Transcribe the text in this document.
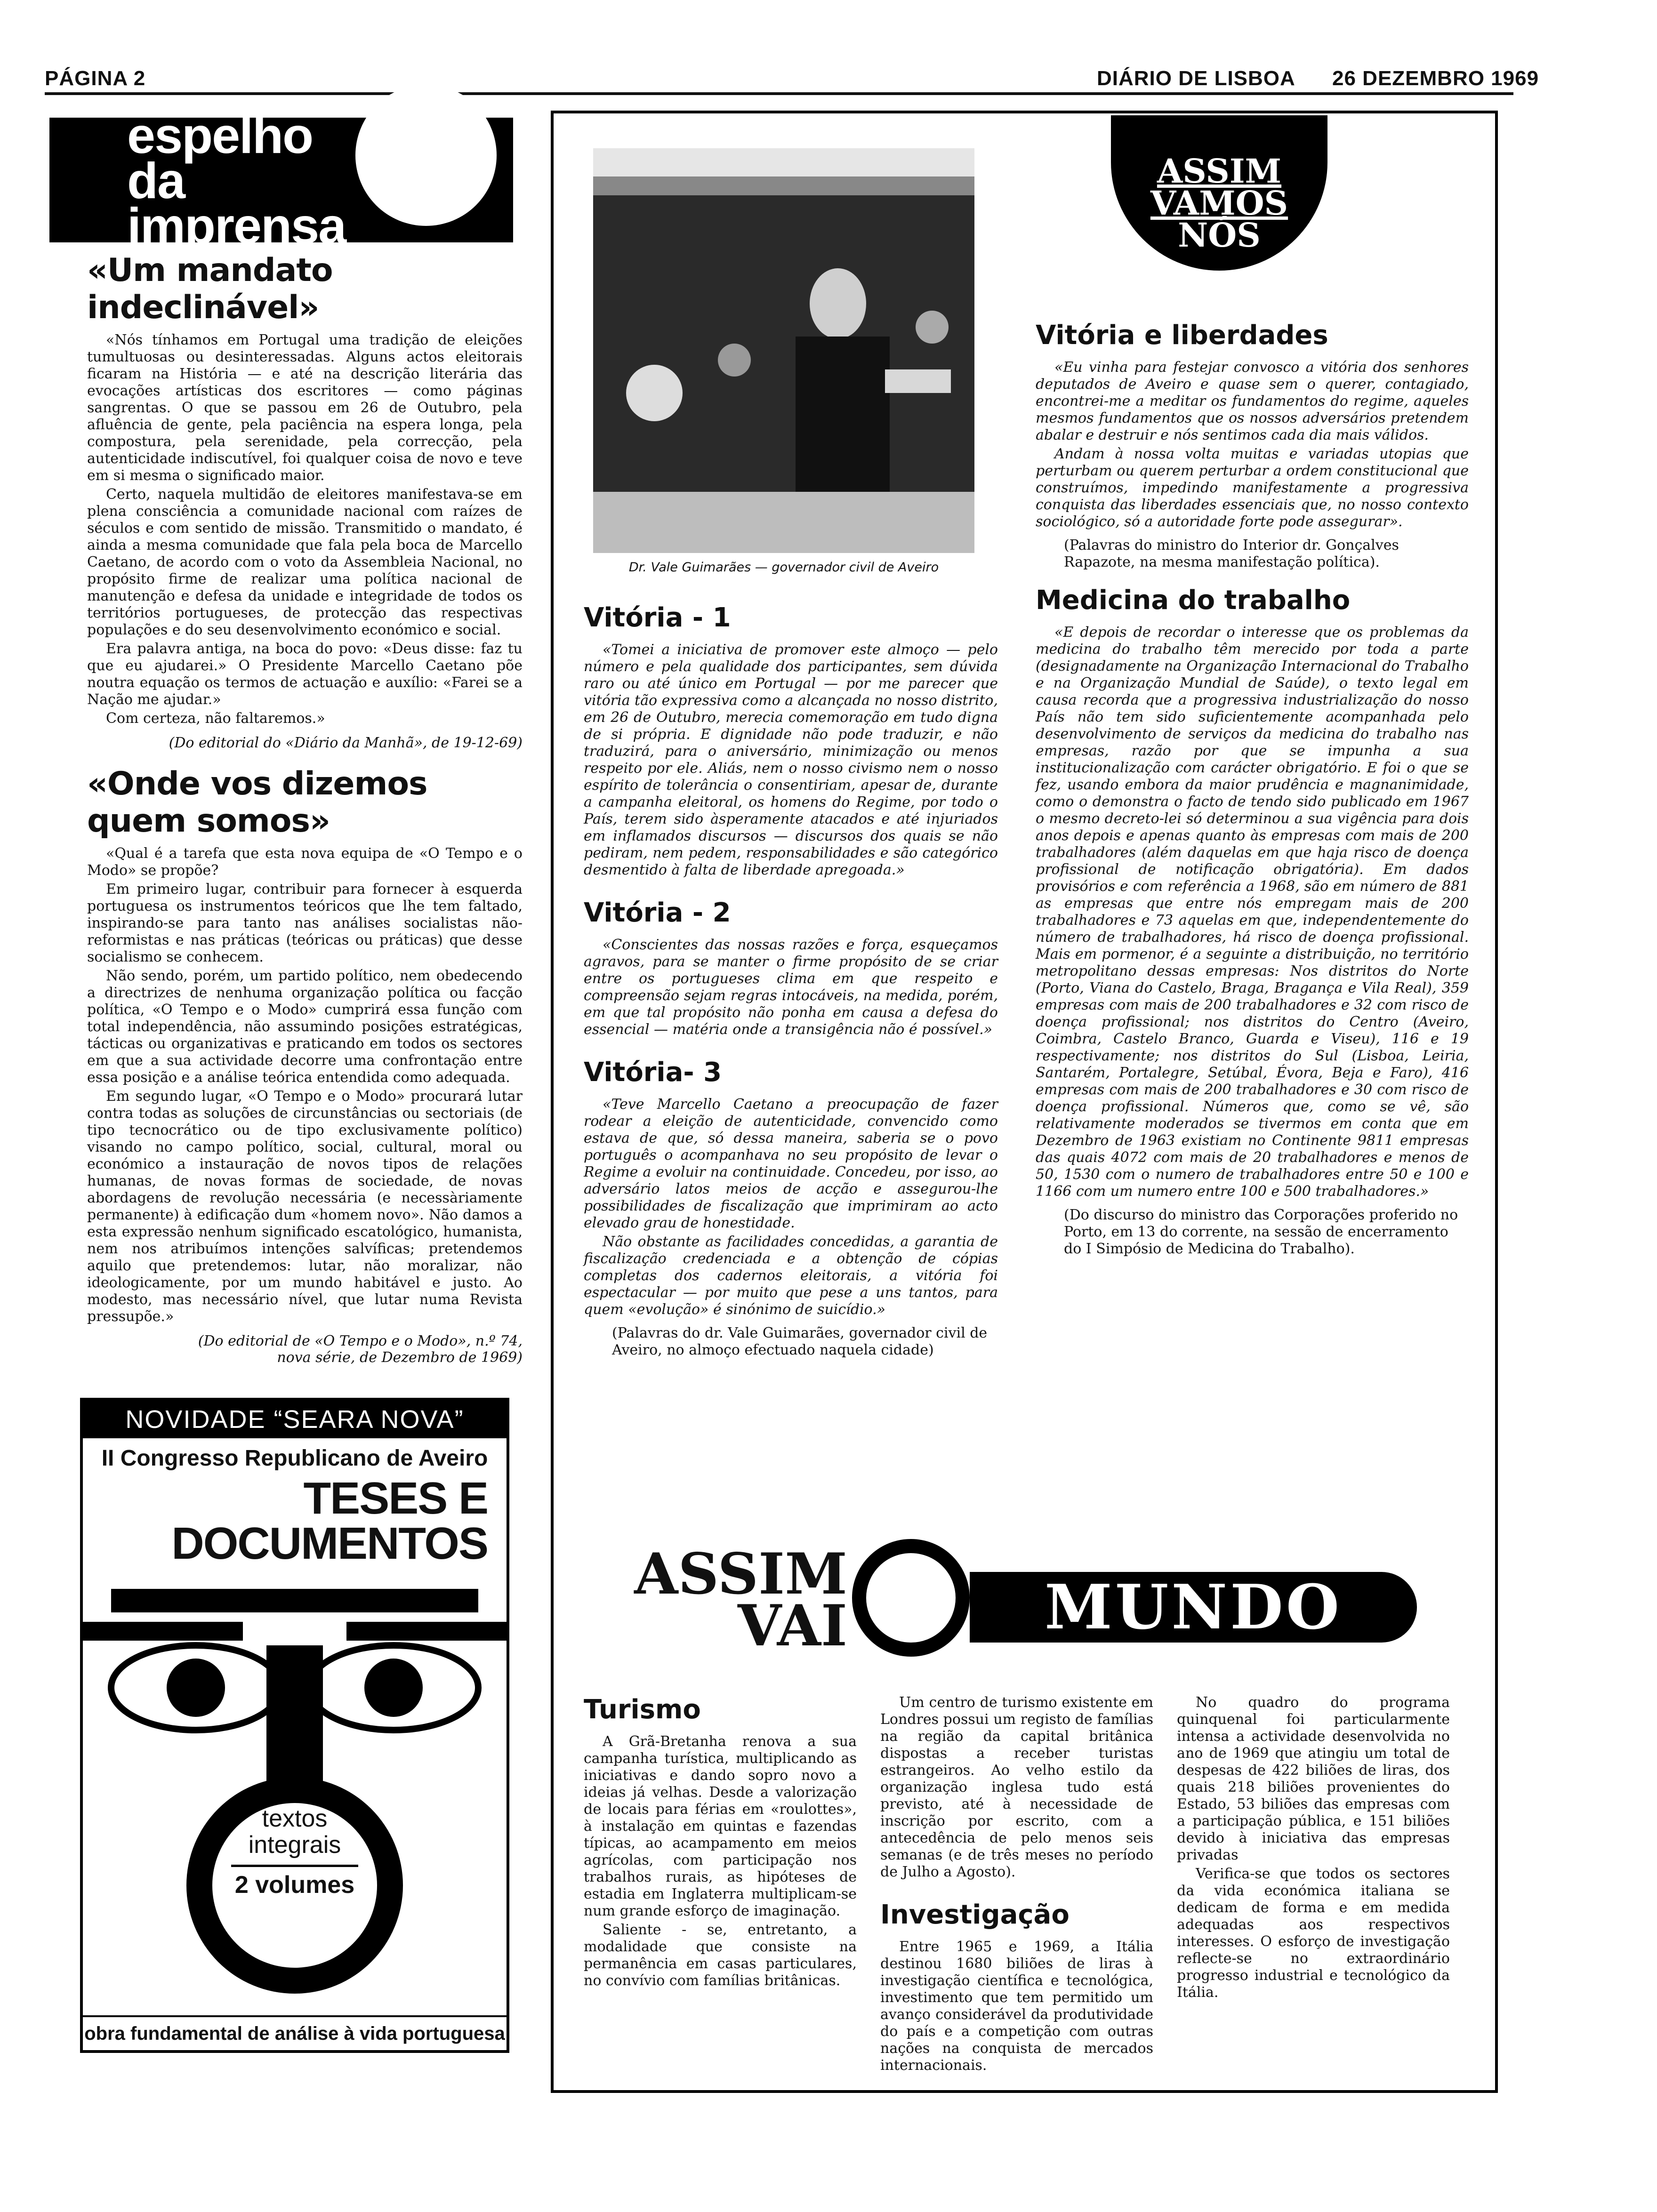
PÁGINA 2	DIÁRIO DE LISBOA 26 DEZEMBRO 1969
espelho
da
imprensa
«Um mandato indeclinável»

«Nós tínhamos em Portugal uma tradição de eleições tumultuosas ou desinteressadas. Alguns actos eleitorais ficaram na História — e até na descrição literária das evocações artísticas dos escritores — como páginas sangrentas. O que se passou em 26 de Outubro, pela afluência de gente, pela paciência na espera longa, pela compostura, pela serenidade, pela correcção, pela autenticidade indiscutível, foi qualquer coisa de novo e teve em si mesma o significado maior.

Certo, naquela multidão de eleitores manifestava-se em plena consciência a comunidade nacional com raízes de séculos e com sentido de missão. Transmitido o mandato, é ainda a mesma comunidade que fala pela boca de Marcello Caetano, de acordo com o voto da Assembleia Nacional, no propósito firme de realizar uma política nacional de manutenção e defesa da unidade e integridade de todos os territórios portugueses, de protecção das respectivas populações e do seu desenvolvimento económico e social.

Era palavra antiga, na boca do povo: «Deus disse: faz tu que eu ajudarei.» O Presidente Marcello Caetano põe noutra equação os termos de actuação e auxílio: «Farei se a Nação me ajudar.»

Com certeza, não faltaremos.»

(Do editorial do «Diário da Manhã», de 19-12-69)
«Onde vos dizemos quem somos»

«Qual é a tarefa que esta nova equipa de «O Tempo e o Modo» se propõe?

Em primeiro lugar, contribuir para fornecer à esquerda portuguesa os instrumentos teóricos que lhe tem faltado, inspirando-se para tanto nas análises socialistas não-reformistas e nas práticas (teóricas ou práticas) que desse socialismo se conhecem.

Não sendo, porém, um partido político, nem obedecendo a directrizes de nenhuma organização política ou facção política, «O Tempo e o Modo» cumprirá essa função com total independência, não assumindo posições estratégicas, tácticas ou organizativas e praticando em todos os sectores em que a sua actividade decorre uma confrontação entre essa posição e a análise teórica entendida como adequada.

Em segundo lugar, «O Tempo e o Modo» procurará lutar contra todas as soluções de circunstâncias ou sectoriais (de tipo tecnocrático ou de tipo exclusivamente político) visando no campo político, social, cultural, moral ou económico a instauração de novos tipos de relações humanas, de novas formas de sociedade, de novas abordagens de revolução necessária (e necessàriamente permanente) à edificação dum «homem novo». Não damos a esta expressão nenhum significado escatológico, humanista, nem nos atribuímos intenções salvíficas; pretendemos aquilo que pretendemos: lutar, não moralizar, não ideologicamente, por um mundo habitável e justo. Ao modesto, mas necessário nível, que lutar numa Revista pressupõe.»

(Do editorial de «O Tempo e o Modo», n.º 74,
nova série, de Dezembro de 1969)
NOVIDADE “SEARA NOVA”
II Congresso Republicano de Aveiro
TESES E
DOCUMENTOS
textos
integrais
2 volumes
obra fundamental de análise à vida portuguesa
Dr. Vale Guimarães — governador civil de Aveiro
ASSIM
VAMOS
NÓS
Vitória - 1

«Tomei a iniciativa de promover este almoço — pelo número e pela qualidade dos participantes, sem dúvida raro ou até único em Portugal — por me parecer que vitória tão expressiva como a alcançada no nosso distrito, em 26 de Outubro, merecia comemoração em tudo digna de si própria. E dignidade não pode traduzir, e não traduzirá, para o aniversário, minimização ou menos respeito por ele. Aliás, nem o nosso civismo nem o nosso espírito de tolerância o consentiriam, apesar de, durante a campanha eleitoral, os homens do Regime, por todo o País, terem sido àsperamente atacados e até injuriados em inflamados discursos — discursos dos quais se não pediram, nem pedem, responsabilidades e são categórico desmentido à falta de liberdade apregoada.»

Vitória - 2

«Conscientes das nossas razões e força, esqueçamos agravos, para se manter o firme propósito de se criar entre os portugueses clima em que respeito e compreensão sejam regras intocáveis, na medida, porém, em que tal propósito não ponha em causa a defesa do essencial — matéria onde a transigência não é possível.»

Vitória- 3

«Teve Marcello Caetano a preocupação de fazer rodear a eleição de autenticidade, convencido como estava de que, só dessa maneira, saberia se o povo português o acompanhava no seu propósito de levar o Regime a evoluir na continuidade. Concedeu, por isso, ao adversário latos meios de acção e assegurou-lhe possibilidades de fiscalização que imprimiram ao acto elevado grau de honestidade.

Não obstante as facilidades concedidas, a garantia de fiscalização credenciada e a obtenção de cópias completas dos cadernos eleitorais, a vitória foi espectacular — por muito que pese a uns tantos, para quem «evolução» é sinónimo de suicídio.»

(Palavras do dr. Vale Guimarães, governador civil de Aveiro, no almoço efectuado naquela cidade)
Vitória e liberdades

«Eu vinha para festejar convosco a vitória dos senhores deputados de Aveiro e quase sem o querer, contagiado, encontrei-me a meditar os fundamentos do regime, aqueles mesmos fundamentos que os nossos adversários pretendem abalar e destruir e nós sentimos cada dia mais válidos.

Andam à nossa volta muitas e variadas utopias que perturbam ou querem perturbar a ordem constitucional que construímos, impedindo manifestamente a progressiva conquista das liberdades essenciais que, no nosso contexto sociológico, só a autoridade forte pode assegurar».

(Palavras do ministro do Interior dr. Gonçalves Rapazote, na mesma manifestação política).
Medicina do trabalho

«E depois de recordar o interesse que os problemas da medicina do trabalho têm merecido por toda a parte (designadamente na Organização Internacional do Trabalho e na Organização Mundial de Saúde), o texto legal em causa recorda que a progressiva industrialização do nosso País não tem sido suficientemente acompanhada pelo desenvolvimento de serviços da medicina do trabalho nas empresas, razão por que se impunha a sua institucionalização com carácter obrigatório. E foi o que se fez, usando embora da maior prudência e magnanimidade, como o demonstra o facto de tendo sido publicado em 1967 o mesmo decreto-lei só determinou a sua vigência para dois anos depois e apenas quanto às empresas com mais de 200 trabalhadores (além daquelas em que haja risco de doença profissional de notificação obrigatória). Em dados provisórios e com referência a 1968, são em número de 881 as empresas que entre nós empregam mais de 200 trabalhadores e 73 aquelas em que, independentemente do número de trabalhadores, há risco de doença profissional. Mais em pormenor, é a seguinte a distribuição, no território metropolitano dessas empresas: Nos distritos do Norte (Porto, Viana do Castelo, Braga, Bragança e Vila Real), 359 empresas com mais de 200 trabalhadores e 32 com risco de doença profissional; nos distritos do Centro (Aveiro, Coimbra, Castelo Branco, Guarda e Viseu), 116 e 19 respectivamente; nos distritos do Sul (Lisboa, Leiria, Santarém, Portalegre, Setúbal, Évora, Beja e Faro), 416 empresas com mais de 200 trabalhadores e 30 com risco de doença profissional. Números que, como se vê, são relativamente moderados se tivermos em conta que em Dezembro de 1963 existiam no Continente 9811 empresas das quais 4072 com mais de 20 trabalhadores e menos de 50, 1530 com o numero de trabalhadores entre 50 e 100 e 1166 com um numero entre 100 e 500 trabalhadores.»

(Do discurso do ministro das Corporações proferido no Porto, em 13 do corrente, na sessão de encerramento do I Simpósio de Medicina do Trabalho).
ASSIM
VAI	MUNDO
Turismo

A Grã-Bretanha renova a sua campanha turística, multiplicando as iniciativas e dando sopro novo a ideias já velhas. Desde a valorização de locais para férias em «roulottes», à instalação em quintas e fazendas típicas, ao acampamento em meios agrícolas, com participação nos trabalhos rurais, as hipóteses de estadia em Inglaterra multiplicam-se num grande esforço de imaginação.

Saliente - se, entretanto, a modalidade que consiste na permanência em casas particulares, no convívio com famílias britânicas.

Um centro de turismo existente em Londres possui um registo de famílias na região da capital britânica dispostas a receber turistas estrangeiros. Ao velho estilo da organização inglesa tudo está previsto, até à necessidade de inscrição por escrito, com a antecedência de pelo menos seis semanas (e de três meses no período de Julho a Agosto).

Investigação

Entre 1965 e 1969, a Itália destinou 1680 biliões de liras à investigação científica e tecnológica, investimento que tem permitido um avanço considerável da produtividade do país e a competição com outras nações na conquista de mercados internacionais.

No quadro do programa quinquenal foi particularmente intensa a actividade desenvolvida no ano de 1969 que atingiu um total de despesas de 422 biliões de liras, dos quais 218 biliões provenientes do Estado, 53 biliões das empresas com a participação pública, e 151 biliões devido à iniciativa das empresas privadas

Verifica-se que todos os sectores da vida económica italiana se dedicam de forma e em medida adequadas aos respectivos interesses. O esforço de investigação reflecte-se no extraordinário progresso industrial e tecnológico da Itália.
